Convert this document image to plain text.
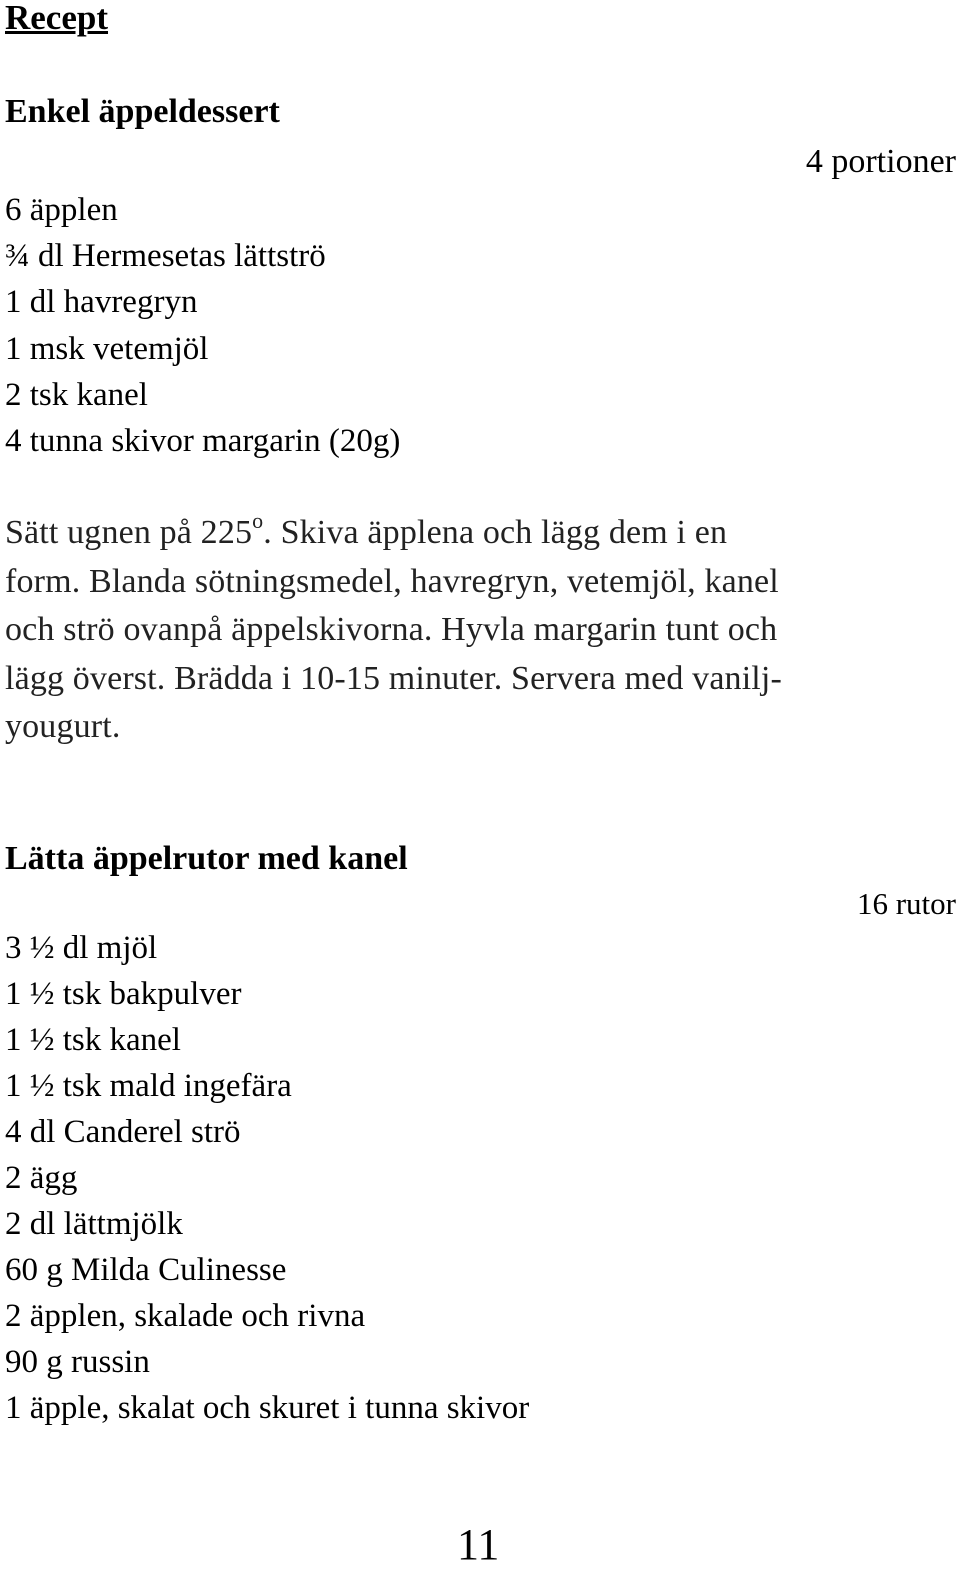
Recept
Enkel äppeldessert
4 portioner
6 äpplen
¾ dl Hermesetas lättströ
1 dl havregryn
1 msk vetemjöl
2 tsk kanel
4 tunna skivor margarin (20g)
Sätt ugnen på 225$^o$. Skiva äpplena och lägg dem i en
form. Blanda sötningsmedel, havregryn, vetemjöl, kanel
och strö ovanpå äppelskivorna. Hyvla margarin tunt och
lägg överst. Brädda i 10-15 minuter. Servera med vanilj-
yougurt.
Lätta äppelrutor med kanel
16 rutor
3 ½ dl mjöl
1 ½ tsk bakpulver
1 ½ tsk kanel
1 ½ tsk mald ingefära
4 dl Canderel strö
2 ägg
2 dl lättmjölk
60 g Milda Culinesse
2 äpplen, skalade och rivna
90 g russin
1 äpple, skalat och skuret i tunna skivor
11
